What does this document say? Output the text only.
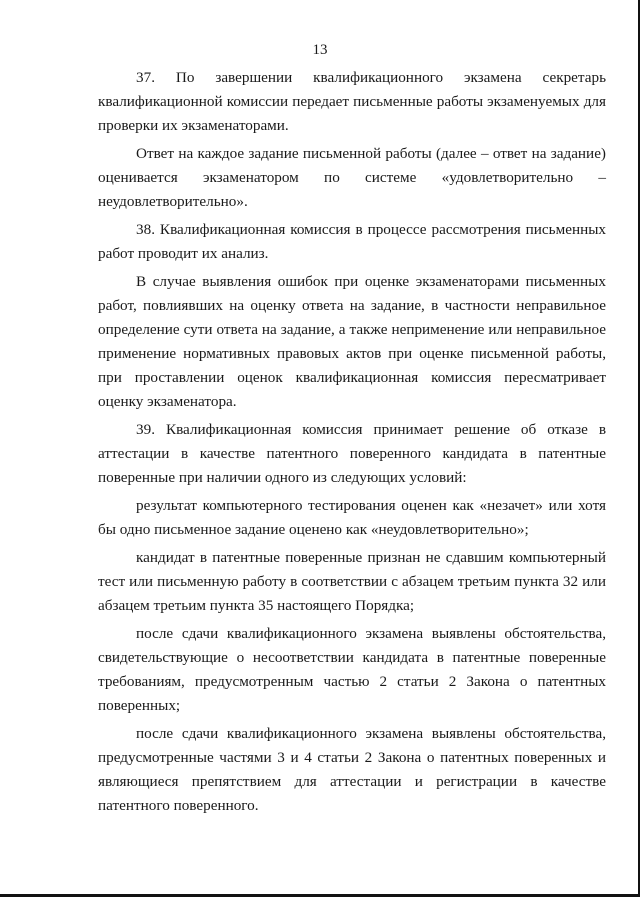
13

37. По завершении квалификационного экзамена секретарь квалификационной комиссии передает письменные работы экзаменуемых для проверки их экзаменаторами.

Ответ на каждое задание письменной работы (далее – ответ на задание) оценивается экзаменатором по системе «удовлетворительно – неудовлетворительно».

38. Квалификационная комиссия в процессе рассмотрения письменных работ проводит их анализ.

В случае выявления ошибок при оценке экзаменаторами письменных работ, повлиявших на оценку ответа на задание, в частности неправильное определение сути ответа на задание, а также неприменение или неправильное применение нормативных правовых актов при оценке письменной работы, при проставлении оценок квалификационная комиссия пересматривает оценку экзаменатора.

39. Квалификационная комиссия принимает решение об отказе в аттестации в качестве патентного поверенного кандидата в патентные поверенные при наличии одного из следующих условий:

результат компьютерного тестирования оценен как «незачет» или хотя бы одно письменное задание оценено как «неудовлетворительно»;

кандидат в патентные поверенные признан не сдавшим компьютерный тест или письменную работу в соответствии с абзацем третьим пункта 32 или абзацем третьим пункта 35 настоящего Порядка;

после сдачи квалификационного экзамена выявлены обстоятельства, свидетельствующие о несоответствии кандидата в патентные поверенные требованиям, предусмотренным частью 2 статьи 2 Закона о патентных поверенных;

после сдачи квалификационного экзамена выявлены обстоятельства, предусмотренные частями 3 и 4 статьи 2 Закона о патентных поверенных и являющиеся препятствием для аттестации и регистрации в качестве патентного поверенного.
